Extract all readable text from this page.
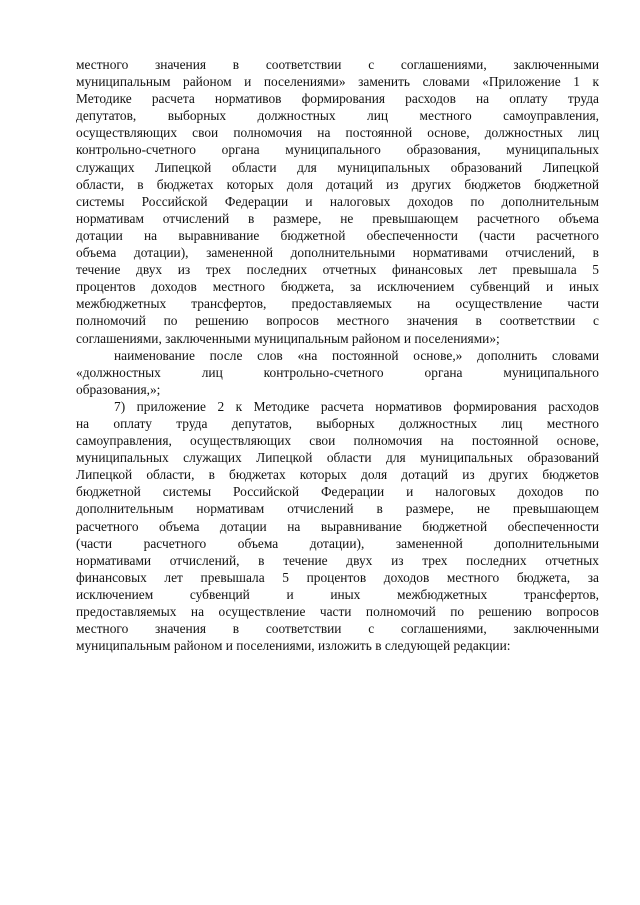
местного значения в соответствии с соглашениями, заключенными
муниципальным районом и поселениями» заменить словами «Приложение 1 к
Методике расчета нормативов формирования расходов на оплату труда
депутатов, выборных должностных лиц местного самоуправления,
осуществляющих свои полномочия на постоянной основе, должностных лиц
контрольно-счетного органа муниципального образования, муниципальных
служащих Липецкой области для муниципальных образований Липецкой
области, в бюджетах которых доля дотаций из других бюджетов бюджетной
системы Российской Федерации и налоговых доходов по дополнительным
нормативам отчислений в размере, не превышающем расчетного объема
дотации на выравнивание бюджетной обеспеченности (части расчетного
объема дотации), замененной дополнительными нормативами отчислений, в
течение двух из трех последних отчетных финансовых лет превышала 5
процентов доходов местного бюджета, за исключением субвенций и иных
межбюджетных трансфертов, предоставляемых на осуществление части
полномочий по решению вопросов местного значения в соответствии с
соглашениями, заключенными муниципальным районом и поселениями»;
наименование после слов «на постоянной основе,» дополнить словами
«должностных лиц контрольно-счетного органа муниципального
образования,»;
7) приложение 2 к Методике расчета нормативов формирования расходов
на оплату труда депутатов, выборных должностных лиц местного
самоуправления, осуществляющих свои полномочия на постоянной основе,
муниципальных служащих Липецкой области для муниципальных образований
Липецкой области, в бюджетах которых доля дотаций из других бюджетов
бюджетной системы Российской Федерации и налоговых доходов по
дополнительным нормативам отчислений в размере, не превышающем
расчетного объема дотации на выравнивание бюджетной обеспеченности
(части расчетного объема дотации), замененной дополнительными
нормативами отчислений, в течение двух из трех последних отчетных
финансовых лет превышала 5 процентов доходов местного бюджета, за
исключением субвенций и иных межбюджетных трансфертов,
предоставляемых на осуществление части полномочий по решению вопросов
местного значения в соответствии с соглашениями, заключенными
муниципальным районом и поселениями, изложить в следующей редакции:
